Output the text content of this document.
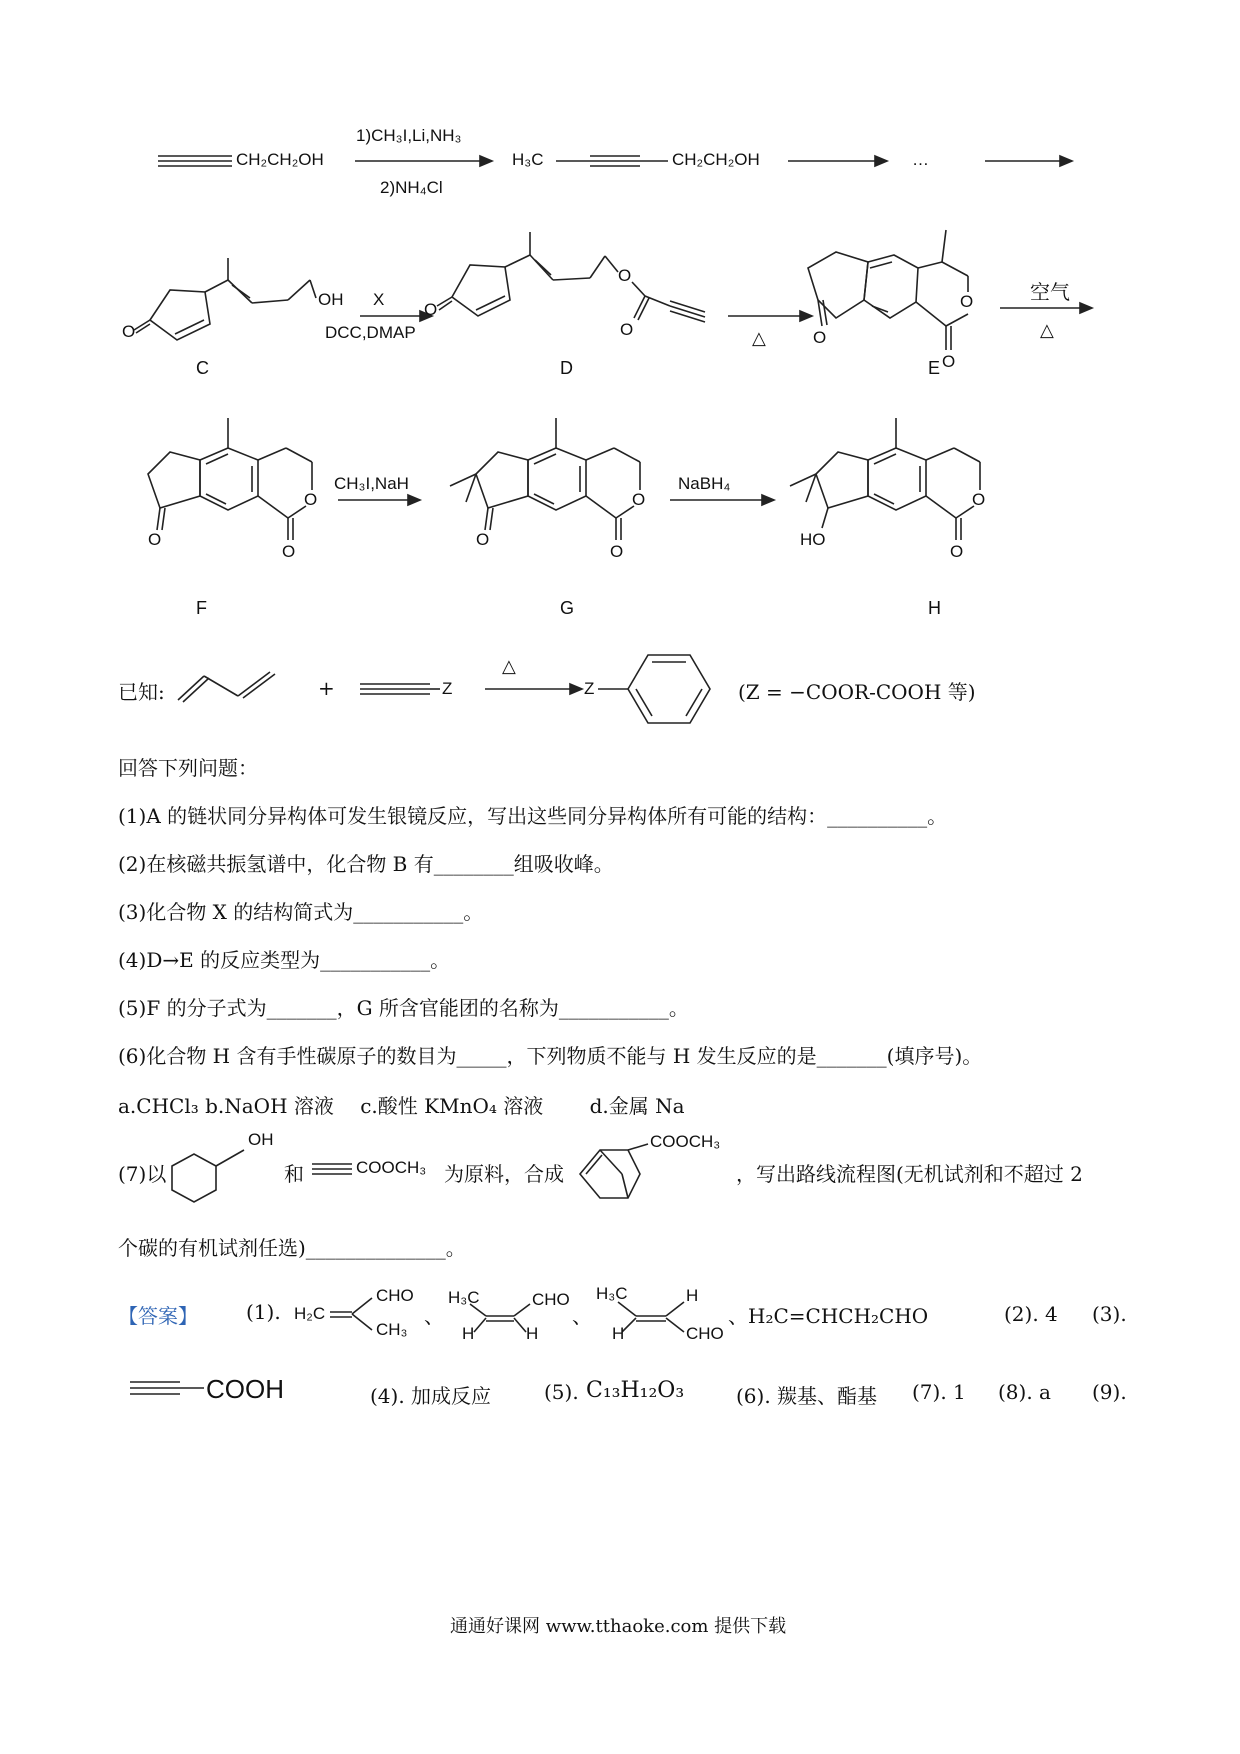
CH₂CH₂OH
1)CH₃I,Li,NH₃
2)NH₄Cl
H₃C	CH₂CH₂OH	…
OH
O
X
DCC,DMAP
O
O
O	△	O
O
O
空气
△
C	D	E
CH₃I,NaH	NaBH₄
O
O
O
O
O
O
HO
O
O
F	G	H
已知:	+	Z
△
Z	(Z = −COOR-COOH 等)
回答下列问题：
(1)A 的链状同分异构体可发生银镜反应，写出这些同分异构体所有可能的结构：__________。
(2)在核磁共振氢谱中，化合物 B 有________组吸收峰。
(3)化合物 X 的结构简式为___________。
(4)D→E 的反应类型为___________。
(5)F 的分子式为_______，G 所含官能团的名称为___________。
(6)化合物 H 含有手性碳原子的数目为_____，下列物质不能与 H 发生反应的是_______(填序号)。
a.CHCl₃ b.NaOH 溶液　 c.酸性 KMnO₄ 溶液　　 d.金属 Na
(7)以
OH
和	COOCH₃ 为原料，合成
COOCH₃
，写出路线流程图(无机试剂和不超过 2
个碳的有机试剂任选)______________。
【答案】 (1). H₂C
CHO
CH₃
、
H₃C	CHO
H	H
、
H₃C	H
H	CHO
、H₂C=CHCH₂CHO	(2). 4 (3).
COOH	(4). 加成反应	(5). C₁₃H₁₂O₃	(6). 羰基、酯基 (7). 1 (8). a (9).
通通好课网 www.tthaoke.com 提供下载
